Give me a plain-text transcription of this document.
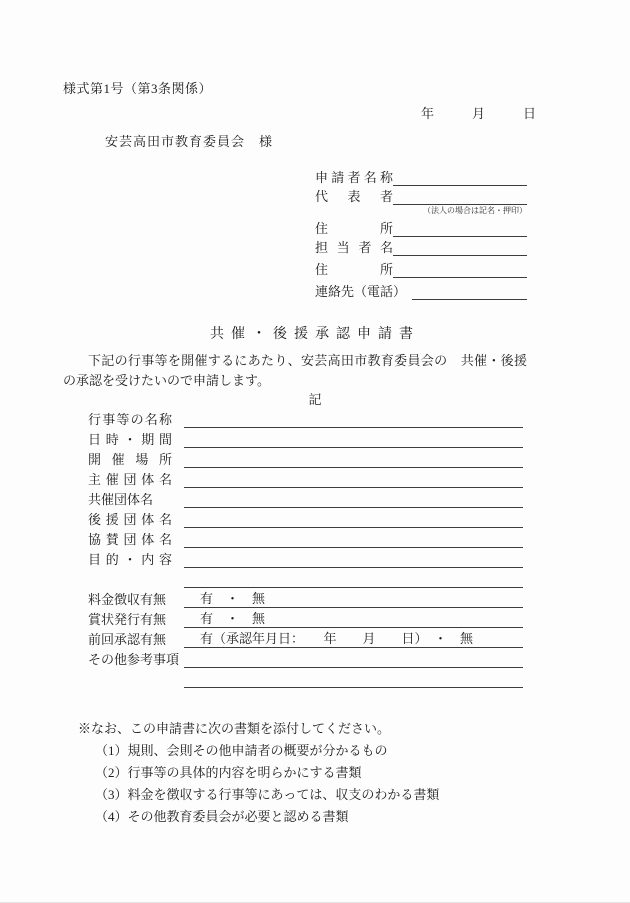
様式第1号（第3条関係）
年	月	日
安芸高田市教育委員会　様
申請者名称
代表者
（法人の場合は記名・押印）
住所
担当者名
住所
連絡先（電話）
共催・後援承認申請書
下記の行事等を開催するにあたり、安芸高田市教育委員会の　共催・後援　の承認を受けたいので申請します。
記
行事等の名称
日時・期間
開催場所
主催団体名
共催団体名
後援団体名
協賛団体名
目的・内容
料金徴収有無	有　・　無
賞状発行有無	有　・　無
前回承認有無	有（承認年月日：　　年　　月　　日）　・　無
その他参考事項
※なお、この申請書に次の書類を添付してください。
（1）規則、会則その他申請者の概要が分かるもの
（2）行事等の具体的内容を明らかにする書類
（3）料金を徴収する行事等にあっては、収支のわかる書類
（4）その他教育委員会が必要と認める書類
